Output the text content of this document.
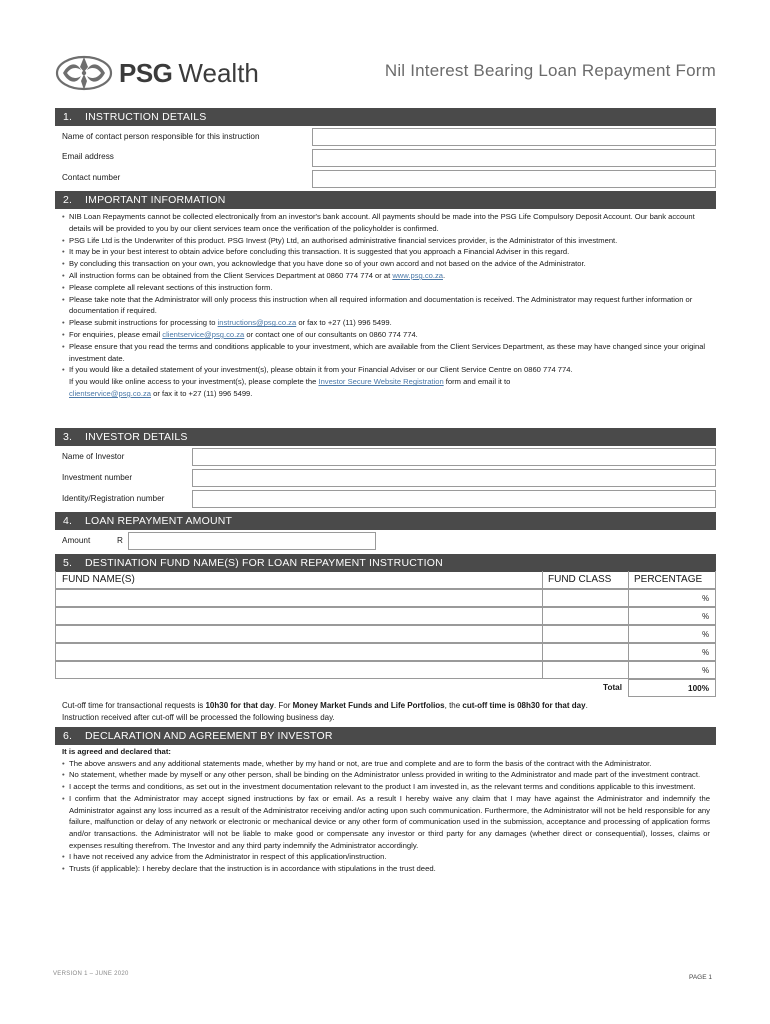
PSG Wealth	Nil Interest Bearing Loan Repayment Form
1. INSTRUCTION DETAILS
Name of contact person responsible for this instruction
Email address
Contact number
2. IMPORTANT INFORMATION
• NIB Loan Repayments cannot be collected electronically from an investor's bank account. All payments should be made into the PSG Life Compulsory Deposit Account. Our bank account details will be provided to you by our client services team once the verification of the policyholder is confirmed.
• PSG Life Ltd is the Underwriter of this product. PSG Invest (Pty) Ltd, an authorised administrative financial services provider, is the Administrator of this investment.
• It may be in your best interest to obtain advice before concluding this transaction. It is suggested that you approach a Financial Adviser in this regard.
• By concluding this transaction on your own, you acknowledge that you have done so of your own accord and not based on the advice of the Administrator.
• All instruction forms can be obtained from the Client Services Department at 0860 774 774 or at www.psg.co.za.
• Please complete all relevant sections of this instruction form.
• Please take note that the Administrator will only process this instruction when all required information and documentation is received. The Administrator may request further information or documentation if required.
• Please submit instructions for processing to instructions@psg.co.za or fax to +27 (11) 996 5499.
• For enquiries, please email clientservice@psg.co.za or contact one of our consultants on 0860 774 774.
• Please ensure that you read the terms and conditions applicable to your investment, which are available from the Client Services Department, as these may have changed since your original investment date.
• If you would like a detailed statement of your investment(s), please obtain it from your Financial Adviser or our Client Service Centre on 0860 774 774.
If you would like online access to your investment(s), please complete the Investor Secure Website Registration form and email it to
clientservice@psg.co.za or fax it to +27 (11) 996 5499.
3. INVESTOR DETAILS
Name of Investor
Investment number
Identity/Registration number
4. LOAN REPAYMENT AMOUNT
Amount	R
5. DESTINATION FUND NAME(S) FOR LOAN REPAYMENT INSTRUCTION
FUND NAME(S)	FUND CLASS PERCENTAGE
%
%
%
%
%
Total	100%
Cut-off time for transactional requests is 10h30 for that day. For Money Market Funds and Life Portfolios, the cut-off time is 08h30 for that day.
Instruction received after cut-off will be processed the following business day.
6. DECLARATION AND AGREEMENT BY INVESTOR
It is agreed and declared that:
• The above answers and any additional statements made, whether by my hand or not, are true and complete and are to form the basis of the contract with the Administrator.
• No statement, whether made by myself or any other person, shall be binding on the Administrator unless provided in writing to the Administrator and made part of the investment contract.
• I accept the terms and conditions, as set out in the investment documentation relevant to the product I am invested in, as the relevant terms and conditions applicable to this investment.
• I confirm that the Administrator may accept signed instructions by fax or email. As a result I hereby waive any claim that I may have against the Administrator and indemnify the Administrator against any loss incurred as a result of the Administrator receiving and/or acting upon such communication. Furthermore, the Administrator will not be held responsible for any failure, malfunction or delay of any network or electronic or mechanical device or any other form of communication used in the submission, acceptance and processing of application forms and/or transactions. the Administrator will not be liable to make good or compensate any investor or third party for any damages (whether direct or consequential), losses, claims or expenses resulting therefrom. The Investor and any third party indemnify the Administrator accordingly.
• I have not received any advice from the Administrator in respect of this application/instruction.
• Trusts (if applicable): I hereby declare that the instruction is in accordance with stipulations in the trust deed.
VERSION 1 – JUNE 2020	PAGE 1
